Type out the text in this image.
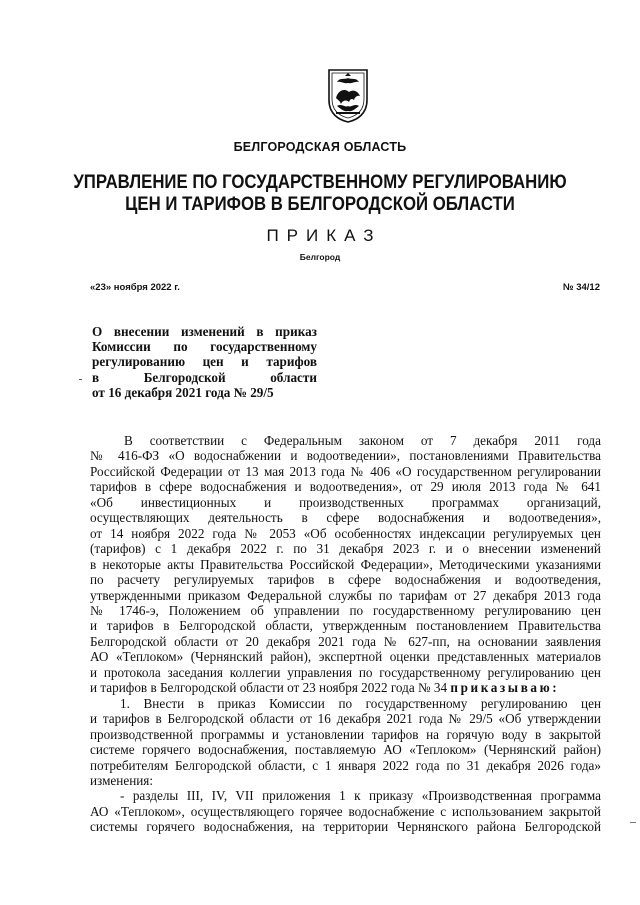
БЕЛГОРОДСКАЯ ОБЛАСТЬ
УПРАВЛЕНИЕ ПО ГОСУДАРСТВЕННОМУ РЕГУЛИРОВАНИЮ
ЦЕН И ТАРИФОВ В БЕЛГОРОДСКОЙ ОБЛАСТИ
ПРИКАЗ
Белгород
«23» ноября 2022 г.	№ 34/12
О внесении изменений в приказ
Комиссии по государственному
регулированию цен и тарифов
в Белгородской области
от 16 декабря 2021 года № 29/5
В соответствии с Федеральным законом от 7 декабря 2011 года
№ 416-ФЗ «О водоснабжении и водоотведении», постановлениями Правительства
Российской Федерации от 13 мая 2013 года № 406 «О государственном регулировании
тарифов в сфере водоснабжения и водоотведения», от 29 июля 2013 года № 641
«Об инвестиционных и производственных программах организаций,
осуществляющих деятельность в сфере водоснабжения и водоотведения»,
от 14 ноября 2022 года № 2053 «Об особенностях индексации регулируемых цен
(тарифов) с 1 декабря 2022 г. по 31 декабря 2023 г. и о внесении изменений
в некоторые акты Правительства Российской Федерации», Методическими указаниями
по расчету регулируемых тарифов в сфере водоснабжения и водоотведения,
утвержденными приказом Федеральной службы по тарифам от 27 декабря 2013 года
№ 1746-э, Положением об управлении по государственному регулированию цен
и тарифов в Белгородской области, утвержденным постановлением Правительства
Белгородской области от 20 декабря 2021 года № 627-пп, на основании заявления
АО «Теплоком» (Чернянский район), экспертной оценки представленных материалов
и протокола заседания коллегии управления по государственному регулированию цен
и тарифов в Белгородской области от 23 ноября 2022 года № 34 приказываю:
1. Внести в приказ Комиссии по государственному регулированию цен
и тарифов в Белгородской области от 16 декабря 2021 года № 29/5 «Об утверждении
производственной программы и установлении тарифов на горячую воду в закрытой
системе горячего водоснабжения, поставляемую АО «Теплоком» (Чернянский район)
потребителям Белгородской области, с 1 января 2022 года по 31 декабря 2026 года»
изменения:
- разделы III, IV, VII приложения 1 к приказу «Производственная программа
АО «Теплоком», осуществляющего горячее водоснабжение с использованием закрытой
системы горячего водоснабжения, на территории Чернянского района Белгородской
